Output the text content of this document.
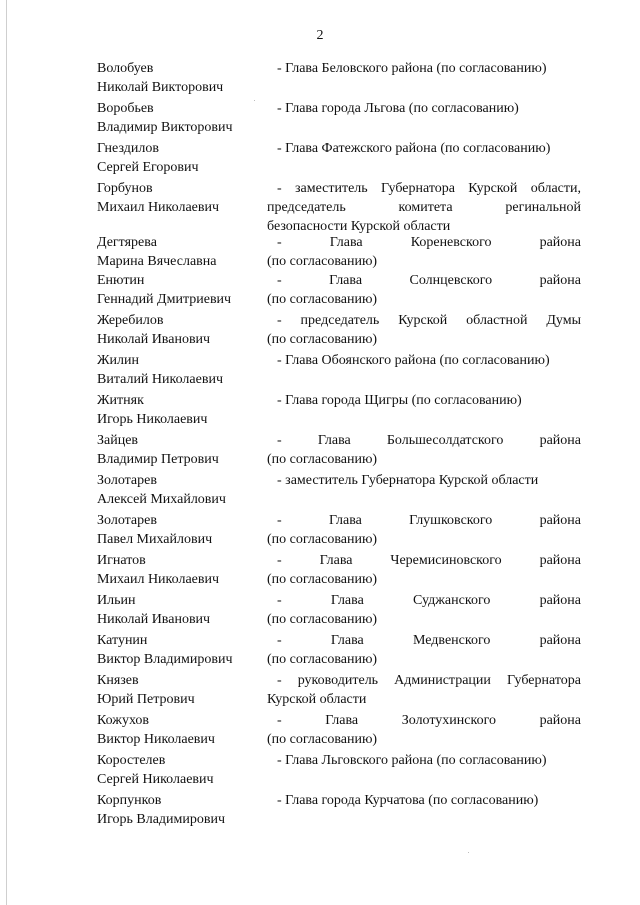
2
Волобуев
Николай Викторович
- Глава Беловского района (по согласованию)
Воробьев
Владимир Викторович
- Глава города Льгова (по согласованию)
Гнездилов
Сергей Егорович
- Глава Фатежского района (по согласованию)
Горбунов
Михаил Николаевич
- заместитель Губернатора Курской области,
председатель комитета регинальной
безопасности Курской области
Дегтярева
Марина Вячеславна
- Глава Кореневского района
(по согласованию)
Енютин
Геннадий Дмитриевич
- Глава Солнцевского района
(по согласованию)
Жеребилов
Николай Иванович
- председатель Курской областной Думы
(по согласованию)
Жилин
Виталий Николаевич
- Глава Обоянского района (по согласованию)
Житняк
Игорь Николаевич
- Глава города Щигры (по согласованию)
Зайцев
Владимир Петрович
- Глава Большесолдатского района
(по согласованию)
Золотарев
Алексей Михайлович
- заместитель Губернатора Курской области
Золотарев
Павел Михайлович
- Глава Глушковского района
(по согласованию)
Игнатов
Михаил Николаевич
- Глава Черемисиновского района
(по согласованию)
Ильин
Николай Иванович
- Глава Суджанского района
(по согласованию)
Катунин
Виктор Владимирович
- Глава Медвенского района
(по согласованию)
Князев
Юрий Петрович
- руководитель Администрации Губернатора
Курской области
Кожухов
Виктор Николаевич
- Глава Золотухинского района
(по согласованию)
Коростелев
Сергей Николаевич
- Глава Льговского района (по согласованию)
Корпунков
Игорь Владимирович
- Глава города Курчатова (по согласованию)
